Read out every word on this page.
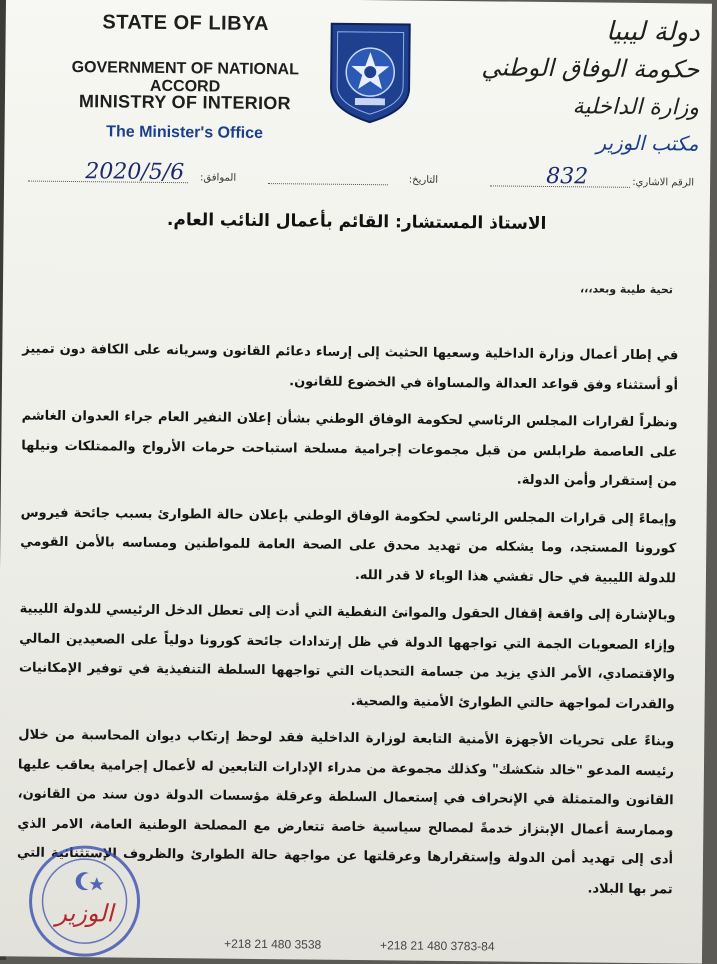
STATE OF LIBYA
GOVERNMENT OF NATIONAL ACCORD
MINISTRY OF INTERIOR
The Minister's Office
دولة ليبيا
حكومة الوفاق الوطني
وزارة الداخلية
مكتب الوزير
الرقم الاشاري:
832
التاريخ:
الموافق:
2020/5/6
الاستاذ المستشار: القائم بأعمال النائب العام.
تحية طيبة وبعد،،،

في إطار أعمال وزارة الداخلية وسعيها الحثيث إلى إرساء دعائم القانون وسريانه على الكافة دون تمييز أو أستثناء وفق قواعد العدالة والمساواة في الخضوع للقانون.

ونظراً لقرارات المجلس الرئاسي لحكومة الوفاق الوطني بشأن إعلان النفير العام جراء العدوان الغاشم على العاصمة طرابلس من قبل مجموعات إجرامية مسلحة استباحت حرمات الأرواح والممتلكات ونيلها من إستقرار وأمن الدولة.

وإيماءً إلى قرارات المجلس الرئاسي لحكومة الوفاق الوطني بإعلان حالة الطوارئ بسبب جائحة فيروس كورونا المستجد، وما يشكله من تهديد محدق على الصحة العامة للمواطنين ومساسه بالأمن القومي للدولة الليبية في حال تفشي هذا الوباء لا قدر الله.

وبالإشارة إلى واقعة إقفال الحقول والموانئ النفطية التي أدت إلى تعطل الدخل الرئيسي للدولة الليبية وإزاء الصعوبات الجمة التي تواجهها الدولة في ظل إرتدادات جائحة كورونا دولياً على الصعيدين المالي والإقتصادي، الأمر الذي يزيد من جسامة التحديات التي تواجهها السلطة التنفيذية في توفير الإمكانيات والقدرات لمواجهة حالتي الطوارئ الأمنية والصحية.

وبناءً على تحريات الأجهزة الأمنية التابعة لوزارة الداخلية فقد لوحظ إرتكاب ديوان المحاسبة من خلال رئيسه المدعو "خالد شكشك" وكذلك مجموعة من مدراء الإدارات التابعين له لأعمال إجرامية يعاقب عليها القانون والمتمثلة في الإنحراف في إستعمال السلطة وعرقلة مؤسسات الدولة دون سند من القانون، وممارسة أعمال الإبتزاز خدمةً لمصالح سياسية خاصة تتعارض مع المصلحة الوطنية العامة، الامر الذي أدى إلى تهديد أمن الدولة وإستقرارها وعرقلتها عن مواجهة حالة الطوارئ والظروف الإستثنائية التي تمر بها البلاد.

الوزير
+218 21 480 3538	+218 21 480 3783-84
